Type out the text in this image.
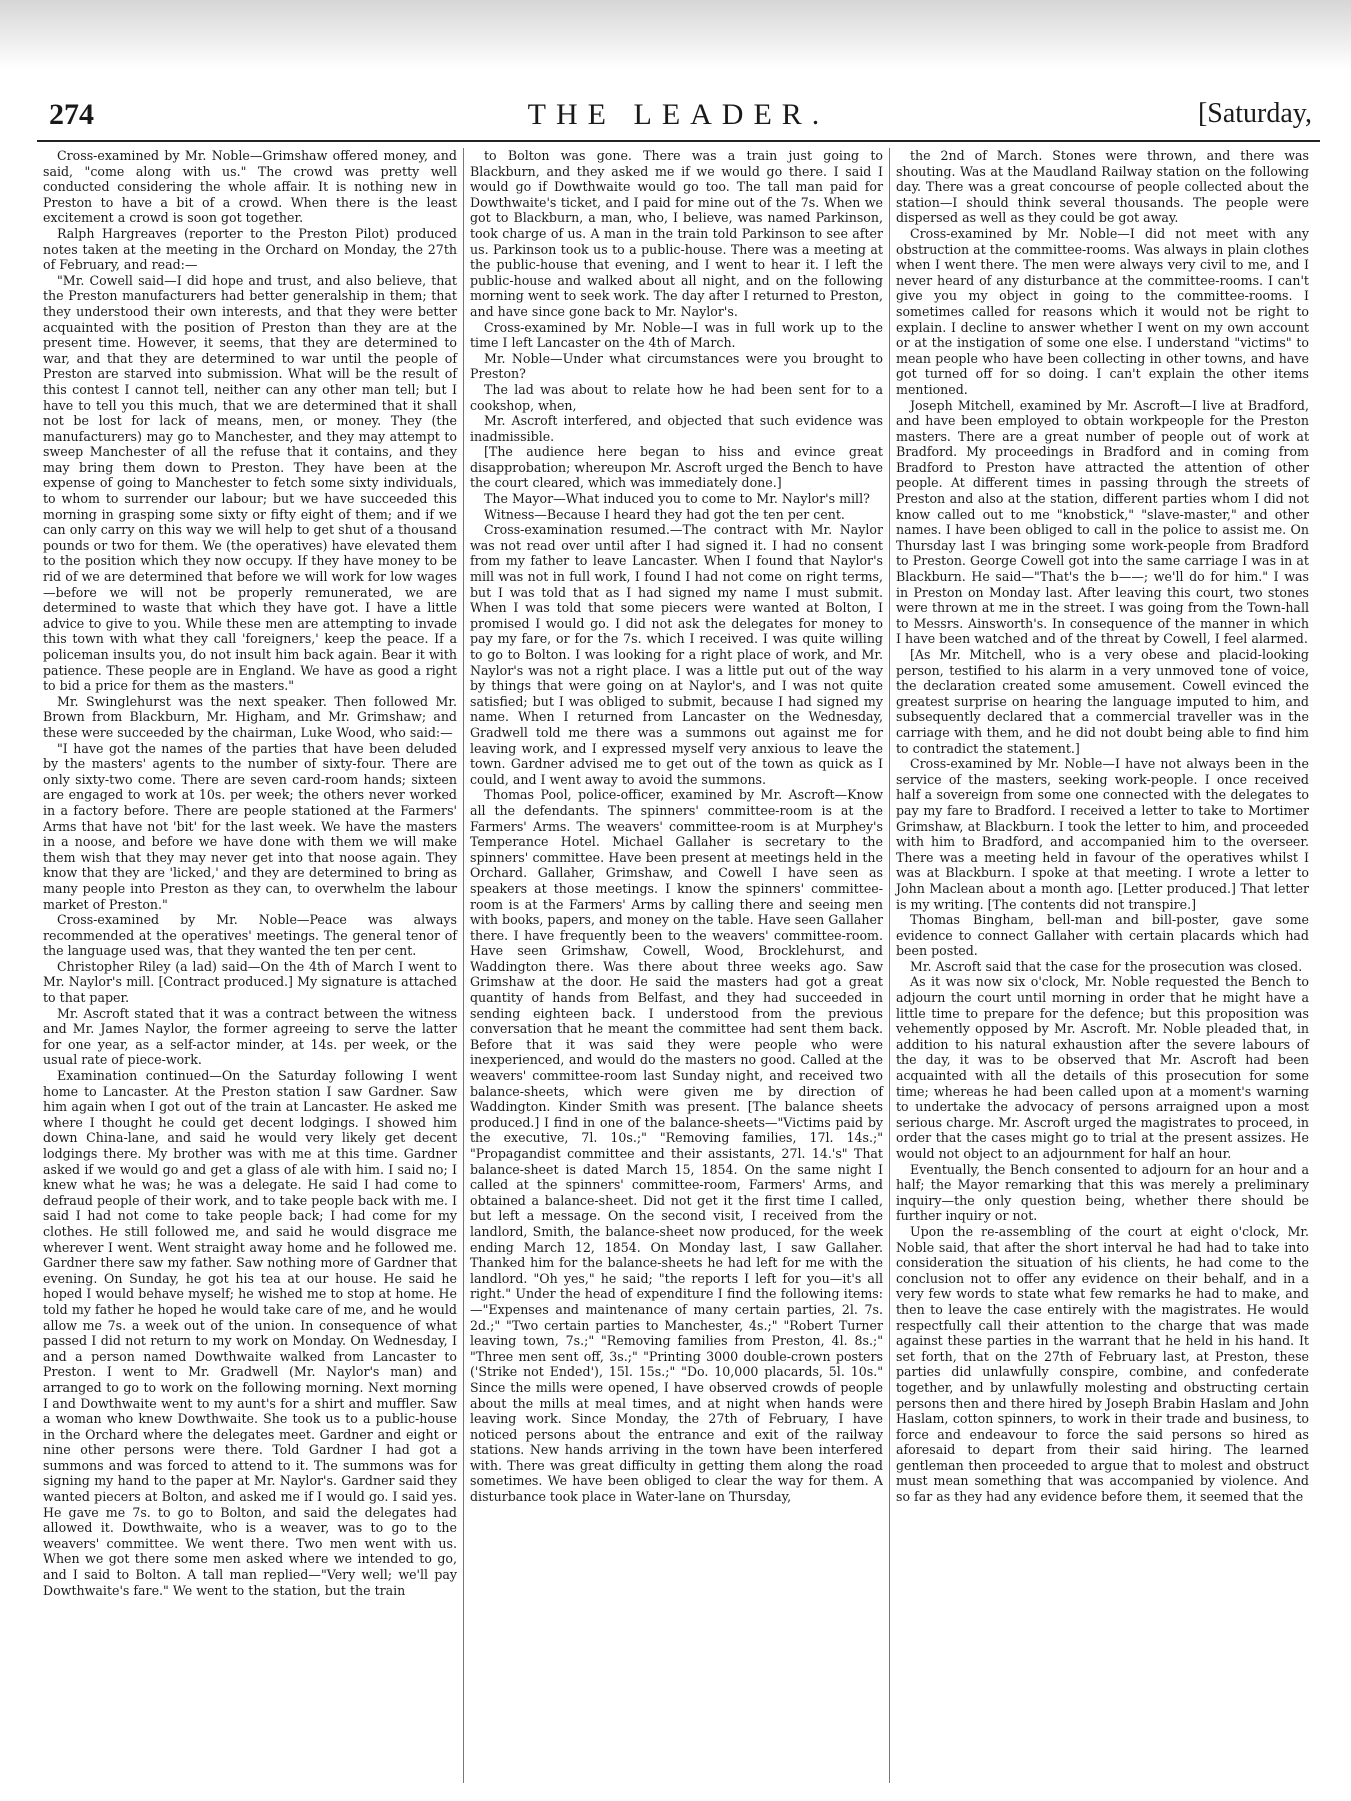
274	THE LEADER.	[Saturday,

Cross-examined by Mr. Noble—Grimshaw offered money, and said, "come along with us." The crowd was pretty well conducted considering the whole affair. It is nothing new in Preston to have a bit of a crowd. When there is the least excitement a crowd is soon got together.

Ralph Hargreaves (reporter to the Preston Pilot) produced notes taken at the meeting in the Orchard on Monday, the 27th of February, and read:—

"Mr. Cowell said—I did hope and trust, and also believe, that the Preston manufacturers had better generalship in them; that they understood their own interests, and that they were better acquainted with the position of Preston than they are at the present time. However, it seems, that they are determined to war, and that they are determined to war until the people of Preston are starved into submission. What will be the result of this contest I cannot tell, neither can any other man tell; but I have to tell you this much, that we are determined that it shall not be lost for lack of means, men, or money. They (the manufacturers) may go to Manchester, and they may attempt to sweep Manchester of all the refuse that it contains, and they may bring them down to Preston. They have been at the expense of going to Manchester to fetch some sixty individuals, to whom to surrender our labour; but we have succeeded this morning in grasping some sixty or fifty eight of them; and if we can only carry on this way we will help to get shut of a thousand pounds or two for them. We (the operatives) have elevated them to the position which they now occupy. If they have money to be rid of we are determined that before we will work for low wages—before we will not be properly remunerated, we are determined to waste that which they have got. I have a little advice to give to you. While these men are attempting to invade this town with what they call 'foreigners,' keep the peace. If a policeman insults you, do not insult him back again. Bear it with patience. These people are in England. We have as good a right to bid a price for them as the masters."

Mr. Swinglehurst was the next speaker. Then followed Mr. Brown from Blackburn, Mr. Higham, and Mr. Grimshaw; and these were succeeded by the chairman, Luke Wood, who said:—

"I have got the names of the parties that have been deluded by the masters' agents to the number of sixty-four. There are only sixty-two come. There are seven card-room hands; sixteen are engaged to work at 10s. per week; the others never worked in a factory before. There are people stationed at the Farmers' Arms that have not 'bit' for the last week. We have the masters in a noose, and before we have done with them we will make them wish that they may never get into that noose again. They know that they are 'licked,' and they are determined to bring as many people into Preston as they can, to overwhelm the labour market of Preston."

Cross-examined by Mr. Noble—Peace was always recommended at the operatives' meetings. The general tenor of the language used was, that they wanted the ten per cent.

Christopher Riley (a lad) said—On the 4th of March I went to Mr. Naylor's mill. [Contract produced.] My signature is attached to that paper.

Mr. Ascroft stated that it was a contract between the witness and Mr. James Naylor, the former agreeing to serve the latter for one year, as a self-actor minder, at 14s. per week, or the usual rate of piece-work.

Examination continued—On the Saturday following I went home to Lancaster. At the Preston station I saw Gardner. Saw him again when I got out of the train at Lancaster. He asked me where I thought he could get decent lodgings. I showed him down China-lane, and said he would very likely get decent lodgings there. My brother was with me at this time. Gardner asked if we would go and get a glass of ale with him. I said no; I knew what he was; he was a delegate. He said I had come to defraud people of their work, and to take people back with me. I said I had not come to take people back; I had come for my clothes. He still followed me, and said he would disgrace me wherever I went. Went straight away home and he followed me. Gardner there saw my father. Saw nothing more of Gardner that evening. On Sunday, he got his tea at our house. He said he hoped I would behave myself; he wished me to stop at home. He told my father he hoped he would take care of me, and he would allow me 7s. a week out of the union. In consequence of what passed I did not return to my work on Monday. On Wednesday, I and a person named Dowthwaite walked from Lancaster to Preston. I went to Mr. Gradwell (Mr. Naylor's man) and arranged to go to work on the following morning. Next morning I and Dowthwaite went to my aunt's for a shirt and muffler. Saw a woman who knew Dowthwaite. She took us to a public-house in the Orchard where the delegates meet. Gardner and eight or nine other persons were there. Told Gardner I had got a summons and was forced to attend to it. The summons was for signing my hand to the paper at Mr. Naylor's. Gardner said they wanted piecers at Bolton, and asked me if I would go. I said yes. He gave me 7s. to go to Bolton, and said the delegates had allowed it. Dowthwaite, who is a weaver, was to go to the weavers' committee. We went there. Two men went with us. When we got there some men asked where we intended to go, and I said to Bolton. A tall man replied—"Very well; we'll pay Dowthwaite's fare." We went to the station, but the train

to Bolton was gone. There was a train just going to Blackburn, and they asked me if we would go there. I said I would go if Dowthwaite would go too. The tall man paid for Dowthwaite's ticket, and I paid for mine out of the 7s. When we got to Blackburn, a man, who, I believe, was named Parkinson, took charge of us. A man in the train told Parkinson to see after us. Parkinson took us to a public-house. There was a meeting at the public-house that evening, and I went to hear it. I left the public-house and walked about all night, and on the following morning went to seek work. The day after I returned to Preston, and have since gone back to Mr. Naylor's.

Cross-examined by Mr. Noble—I was in full work up to the time I left Lancaster on the 4th of March.

Mr. Noble—Under what circumstances were you brought to Preston?

The lad was about to relate how he had been sent for to a cookshop, when,

Mr. Ascroft interfered, and objected that such evidence was inadmissible.

[The audience here began to hiss and evince great disapprobation; whereupon Mr. Ascroft urged the Bench to have the court cleared, which was immediately done.]

The Mayor—What induced you to come to Mr. Naylor's mill?

Witness—Because I heard they had got the ten per cent.

Cross-examination resumed.—The contract with Mr. Naylor was not read over until after I had signed it. I had no consent from my father to leave Lancaster. When I found that Naylor's mill was not in full work, I found I had not come on right terms, but I was told that as I had signed my name I must submit. When I was told that some piecers were wanted at Bolton, I promised I would go. I did not ask the delegates for money to pay my fare, or for the 7s. which I received. I was quite willing to go to Bolton. I was looking for a right place of work, and Mr. Naylor's was not a right place. I was a little put out of the way by things that were going on at Naylor's, and I was not quite satisfied; but I was obliged to submit, because I had signed my name. When I returned from Lancaster on the Wednesday, Gradwell told me there was a summons out against me for leaving work, and I expressed myself very anxious to leave the town. Gardner advised me to get out of the town as quick as I could, and I went away to avoid the summons.

Thomas Pool, police-officer, examined by Mr. Ascroft—Know all the defendants. The spinners' committee-room is at the Farmers' Arms. The weavers' committee-room is at Murphey's Temperance Hotel. Michael Gallaher is secretary to the spinners' committee. Have been present at meetings held in the Orchard. Gallaher, Grimshaw, and Cowell I have seen as speakers at those meetings. I know the spinners' committee-room is at the Farmers' Arms by calling there and seeing men with books, papers, and money on the table. Have seen Gallaher there. I have frequently been to the weavers' committee-room. Have seen Grimshaw, Cowell, Wood, Brocklehurst, and Waddington there. Was there about three weeks ago. Saw Grimshaw at the door. He said the masters had got a great quantity of hands from Belfast, and they had succeeded in sending eighteen back. I understood from the previous conversation that he meant the committee had sent them back. Before that it was said they were people who were inexperienced, and would do the masters no good. Called at the weavers' committee-room last Sunday night, and received two balance-sheets, which were given me by direction of Waddington. Kinder Smith was present. [The balance sheets produced.] I find in one of the balance-sheets—"Victims paid by the executive, 7l. 10s.;" "Removing families, 17l. 14s.;" "Propagandist committee and their assistants, 27l. 14.'s" That balance-sheet is dated March 15, 1854. On the same night I called at the spinners' committee-room, Farmers' Arms, and obtained a balance-sheet. Did not get it the first time I called, but left a message. On the second visit, I received from the landlord, Smith, the balance-sheet now produced, for the week ending March 12, 1854. On Monday last, I saw Gallaher. Thanked him for the balance-sheets he had left for me with the landlord. "Oh yes," he said; "the reports I left for you—it's all right." Under the head of expenditure I find the following items:—"Expenses and maintenance of many certain parties, 2l. 7s. 2d.;" "Two certain parties to Manchester, 4s.;" "Robert Turner leaving town, 7s.;" "Removing families from Preston, 4l. 8s.;" "Three men sent off, 3s.;" "Printing 3000 double-crown posters ('Strike not Ended'), 15l. 15s.;" "Do. 10,000 placards, 5l. 10s." Since the mills were opened, I have observed crowds of people about the mills at meal times, and at night when hands were leaving work. Since Monday, the 27th of February, I have noticed persons about the entrance and exit of the railway stations. New hands arriving in the town have been interfered with. There was great difficulty in getting them along the road sometimes. We have been obliged to clear the way for them. A disturbance took place in Water-lane on Thursday,

the 2nd of March. Stones were thrown, and there was shouting. Was at the Maudland Railway station on the following day. There was a great concourse of people collected about the station—I should think several thousands. The people were dispersed as well as they could be got away.

Cross-examined by Mr. Noble—I did not meet with any obstruction at the committee-rooms. Was always in plain clothes when I went there. The men were always very civil to me, and I never heard of any disturbance at the committee-rooms. I can't give you my object in going to the committee-rooms. I sometimes called for reasons which it would not be right to explain. I decline to answer whether I went on my own account or at the instigation of some one else. I understand "victims" to mean people who have been collecting in other towns, and have got turned off for so doing. I can't explain the other items mentioned.

Joseph Mitchell, examined by Mr. Ascroft—I live at Bradford, and have been employed to obtain workpeople for the Preston masters. There are a great number of people out of work at Bradford. My proceedings in Bradford and in coming from Bradford to Preston have attracted the attention of other people. At different times in passing through the streets of Preston and also at the station, different parties whom I did not know called out to me "knobstick," "slave-master," and other names. I have been obliged to call in the police to assist me. On Thursday last I was bringing some work-people from Bradford to Preston. George Cowell got into the same carriage I was in at Blackburn. He said—"That's the b——; we'll do for him." I was in Preston on Monday last. After leaving this court, two stones were thrown at me in the street. I was going from the Town-hall to Messrs. Ainsworth's. In consequence of the manner in which I have been watched and of the threat by Cowell, I feel alarmed.

[As Mr. Mitchell, who is a very obese and placid-looking person, testified to his alarm in a very unmoved tone of voice, the declaration created some amusement. Cowell evinced the greatest surprise on hearing the language imputed to him, and subsequently declared that a commercial traveller was in the carriage with them, and he did not doubt being able to find him to contradict the statement.]

Cross-examined by Mr. Noble—I have not always been in the service of the masters, seeking work-people. I once received half a sovereign from some one connected with the delegates to pay my fare to Bradford. I received a letter to take to Mortimer Grimshaw, at Blackburn. I took the letter to him, and proceeded with him to Bradford, and accompanied him to the overseer. There was a meeting held in favour of the operatives whilst I was at Blackburn. I spoke at that meeting. I wrote a letter to John Maclean about a month ago. [Letter produced.] That letter is my writing. [The contents did not transpire.]

Thomas Bingham, bell-man and bill-poster, gave some evidence to connect Gallaher with certain placards which had been posted.

Mr. Ascroft said that the case for the prosecution was closed.

As it was now six o'clock, Mr. Noble requested the Bench to adjourn the court until morning in order that he might have a little time to prepare for the defence; but this proposition was vehemently opposed by Mr. Ascroft. Mr. Noble pleaded that, in addition to his natural exhaustion after the severe labours of the day, it was to be observed that Mr. Ascroft had been acquainted with all the details of this prosecution for some time; whereas he had been called upon at a moment's warning to undertake the advocacy of persons arraigned upon a most serious charge. Mr. Ascroft urged the magistrates to proceed, in order that the cases might go to trial at the present assizes. He would not object to an adjournment for half an hour.

Eventually, the Bench consented to adjourn for an hour and a half; the Mayor remarking that this was merely a preliminary inquiry—the only question being, whether there should be further inquiry or not.

Upon the re-assembling of the court at eight o'clock, Mr. Noble said, that after the short interval he had had to take into consideration the situation of his clients, he had come to the conclusion not to offer any evidence on their behalf, and in a very few words to state what few remarks he had to make, and then to leave the case entirely with the magistrates. He would respectfully call their attention to the charge that was made against these parties in the warrant that he held in his hand. It set forth, that on the 27th of February last, at Preston, these parties did unlawfully conspire, combine, and confederate together, and by unlawfully molesting and obstructing certain persons then and there hired by Joseph Brabin Haslam and John Haslam, cotton spinners, to work in their trade and business, to force and endeavour to force the said persons so hired as aforesaid to depart from their said hiring. The learned gentleman then proceeded to argue that to molest and obstruct must mean something that was accompanied by violence. And so far as they had any evidence before them, it seemed that the
